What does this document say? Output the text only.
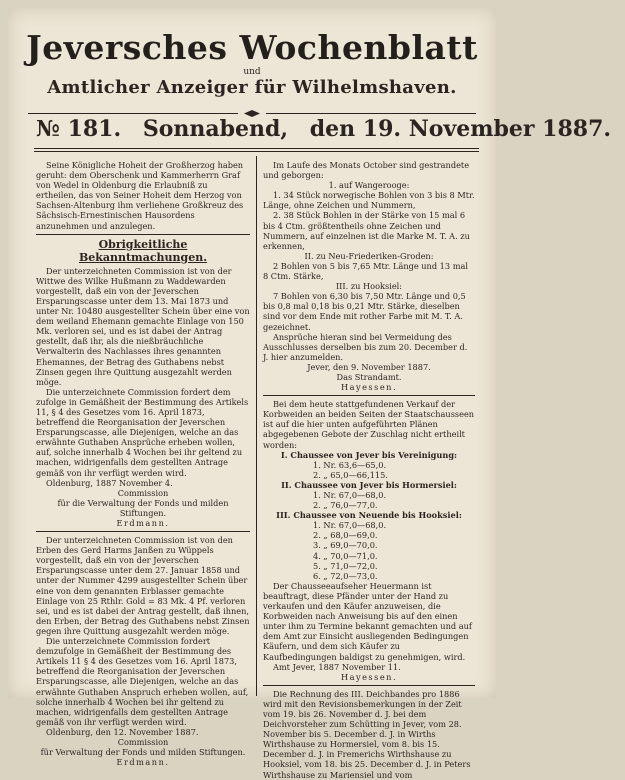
Jeversches Wochenblatt
und
Amtlicher Anzeiger für Wilhelmshaven.
№ 181. Sonnabend, den 19. November 1887.

Seine Königliche Hoheit der Großherzog haben geruht: dem Oberschenk und Kammerherrn Graf von Wedel in Oldenburg die Erlaubniß zu ertheilen, das von Seiner Hoheit dem Herzog von Sachsen-Altenburg ihm verliehene Großkreuz des Sächsisch-Ernestinischen Hausordens anzunehmen und anzulegen.

Obrigkeitliche Bekanntmachungen.

Der unterzeichneten Commission ist von der Wittwe des Wilke Hußmann zu Waddewarden vorgestellt, daß ein von der Jeverschen Ersparungscasse unter dem 13. Mai 1873 und unter Nr. 10480 ausgestellter Schein über eine von dem weiland Ehemann gemachte Einlage von 150 Mk. verloren sei, und es ist dabei der Antrag gestellt, daß ihr, als die nießbräuchliche Verwalterin des Nachlasses ihres genannten Ehemannes, der Betrag des Guthabens nebst Zinsen gegen ihre Quittung ausgezahlt werden möge.

Die unterzeichnete Commission fordert dem zufolge in Gemäßheit der Bestimmung des Artikels 11, § 4 des Gesetzes vom 16. April 1873, betreffend die Reorganisation der Jeverschen Ersparungscasse, alle Diejenigen, welche an das erwähnte Guthaben Ansprüche erheben wollen, auf, solche innerhalb 4 Wochen bei ihr geltend zu machen, widrigenfalls dem gestellten Antrage gemäß von ihr verfügt werden wird.

Oldenburg, 1887 November 4.

Commission

für die Verwaltung der Fonds und milden Stiftungen.

Erdmann.

Der unterzeichneten Commission ist von den Erben des Gerd Harms Janßen zu Wüppels vorgestellt, daß ein von der Jeverschen Ersparungscasse unter dem 27. Januar 1858 und unter der Nummer 4299 ausgestellter Schein über eine von dem genannten Erblasser gemachte Einlage von 25 Rthlr. Gold = 83 Mk. 4 Pf. verloren sei, und es ist dabei der Antrag gestellt, daß ihnen, den Erben, der Betrag des Guthabens nebst Zinsen gegen ihre Quittung ausgezahlt werden möge.

Die unterzeichnete Commission fordert demzufolge in Gemäßheit der Bestimmung des Artikels 11 § 4 des Gesetzes vom 16. April 1873, betreffend die Reorganisation der Jeverschen Ersparungscasse, alle Diejenigen, welche an das erwähnte Guthaben Anspruch erheben wollen, auf, solche innerhalb 4 Wochen bei ihr geltend zu machen, widrigenfalls dem gestellten Antrage gemäß von ihr verfügt werden wird.

Oldenburg, den 12. November 1887.

Commission

für Verwaltung der Fonds und milden Stiftungen.

Erdmann.

Im Laufe des Monats October sind gestrandete und geborgen:

1. auf Wangerooge:

1. 34 Stück norwegische Bohlen von 3 bis 8 Mtr. Länge, ohne Zeichen und Nummern,

2. 38 Stück Bohlen in der Stärke von 15 mal 6 bis 4 Ctm. größtentheils ohne Zeichen und Nummern, auf einzelnen ist die Marke M. T. A. zu erkennen,

II. zu Neu-Friederiken-Groden:

2 Bohlen von 5 bis 7,65 Mtr. Länge und 13 mal 8 Ctm. Stärke,

III. zu Hooksiel:

7 Bohlen von 6,30 bis 7,50 Mtr. Länge und 0,5 bis 0,8 mal 0,18 bis 0,21 Mtr. Stärke, dieselben sind vor dem Ende mit rother Farbe mit M. T. A. gezeichnet.

Ansprüche hieran sind bei Vermeidung des Ausschlusses derselben bis zum 20. December d. J. hier anzumelden.

Jever, den 9. November 1887.

Das Strandamt.

Hayessen.

Bei dem heute stattgefundenen Verkauf der Korbweiden an beiden Seiten der Staatschausseen ist auf die hier unten aufgeführten Plänen abgegebenen Gebote der Zuschlag nicht ertheilt worden:

I. Chaussee von Jever bis Vereinigung:

1. Nr. 63,6—65,0.

2. „ 65,0—66,115.

II. Chaussee von Jever bis Hormersiel:

1. Nr. 67,0—68,0.

2. „ 76,0—77,0.

III. Chaussee von Neuende bis Hooksiel:

1. Nr. 67,0—68,0.

2. „ 68,0—69,0.

3. „ 69,0—70,0.

4. „ 70,0—71,0.

5. „ 71,0—72,0.

6. „ 72,0—73,0.

Der Chausseeaufseher Heuermann ist beauftragt, diese Pfänder unter der Hand zu verkaufen und den Käufer anzuweisen, die Korbweiden nach Anweisung bis auf den einen unter ihm zu Termine bekannt gemachten und auf dem Amt zur Einsicht ausliegenden Bedingungen Käufern, und dem sich Käufer zu Kaufbedingungen baldigst zu genehmigen, wird.

Amt Jever, 1887 November 11.

Hayessen.

Die Rechnung des III. Deichbandes pro 1886 wird mit den Revisionsbemerkungen in der Zeit vom 19. bis 26. November d. J. bei dem Deichvorsteher zum Schütting in Jever, vom 28. November bis 5. December d. J. in Wirths Wirthshause zu Hormersiel, vom 8. bis 15. December d. J. in Fremerichs Wirthshause zu Hooksiel, vom 18. bis 25. December d. J. in Peters Wirthshause zu Mariensiel und vom
